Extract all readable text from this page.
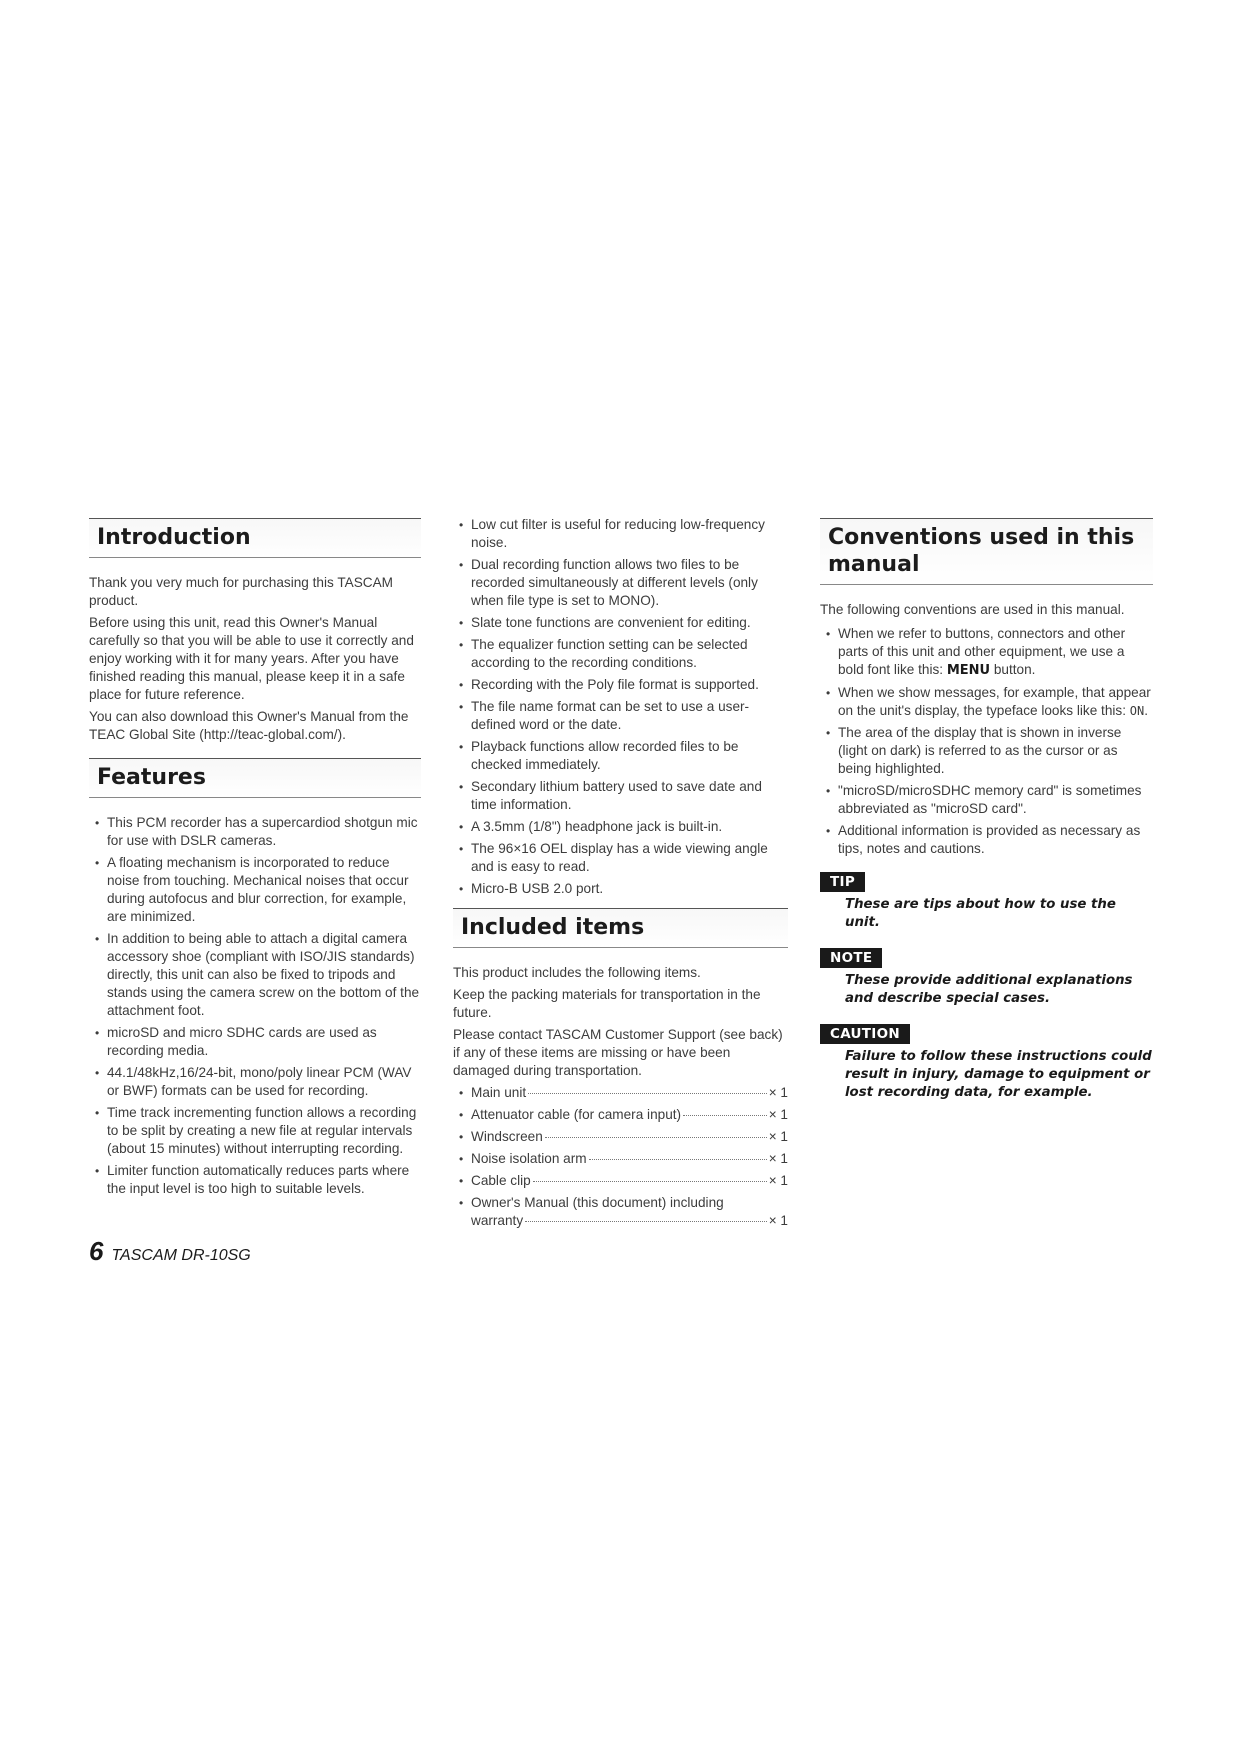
Introduction

Thank you very much for purchasing this TASCAM product.

Before using this unit, read this Owner's Manual carefully so that you will be able to use it correctly and enjoy working with it for many years. After you have finished reading this manual, please keep it in a safe place for future reference.

You can also download this Owner's Manual from the TEAC Global Site (http://teac-global.com/).

Features
• This PCM recorder has a supercardiod shotgun mic for use with DSLR cameras.
• A floating mechanism is incorporated to reduce noise from touching. Mechanical noises that occur during autofocus and blur correction, for example, are minimized.
• In addition to being able to attach a digital camera accessory shoe (compliant with ISO/JIS standards) directly, this unit can also be fixed to tripods and stands using the camera screw on the bottom of the attachment foot.
• microSD and micro SDHC cards are used as recording media.
• 44.1/48kHz,16/24-bit, mono/poly linear PCM (WAV or BWF) formats can be used for recording.
• Time track incrementing function allows a recording to be split by creating a new file at regular intervals (about 15 minutes) without interrupting recording.
• Limiter function automatically reduces parts where the input level is too high to suitable levels.
• Low cut filter is useful for reducing low-frequency noise.
• Dual recording function allows two files to be recorded simultaneously at different levels (only when file type is set to MONO).
• Slate tone functions are convenient for editing.
• The equalizer function setting can be selected according to the recording conditions.
• Recording with the Poly file format is supported.
• The file name format can be set to use a user-defined word or the date.
• Playback functions allow recorded files to be checked immediately.
• Secondary lithium battery used to save date and time information.
• A 3.5mm (1/8") headphone jack is built-in.
• The 96×16 OEL display has a wide viewing angle and is easy to read.
• Micro-B USB 2.0 port.
Included items

This product includes the following items.

Keep the packing materials for transportation in the future.

Please contact TASCAM Customer Support (see back) if any of these items are missing or have been damaged during transportation.

• Main unit	× 1
• Attenuator cable (for camera input)	× 1
• Windscreen	× 1
• Noise isolation arm	× 1
• Cable clip	× 1
• Owner's Manual (this document) including
warranty	× 1
Conventions used in this manual

The following conventions are used in this manual.

• When we refer to buttons, connectors and other parts of this unit and other equipment, we use a bold font like this: MENU button.
• When we show messages, for example, that appear on the unit's display, the typeface looks like this: ON.
• The area of the display that is shown in inverse (light on dark) is referred to as the cursor or as being highlighted.
• "microSD/microSDHC memory card" is sometimes abbreviated as "microSD card".
• Additional information is provided as necessary as tips, notes and cautions.
TIP
These are tips about how to use the unit.
NOTE
These provide additional explanations and describe special cases.
CAUTION
Failure to follow these instructions could result in injury, damage to equipment or lost recording data, for example.
6 TASCAM DR-10SG
